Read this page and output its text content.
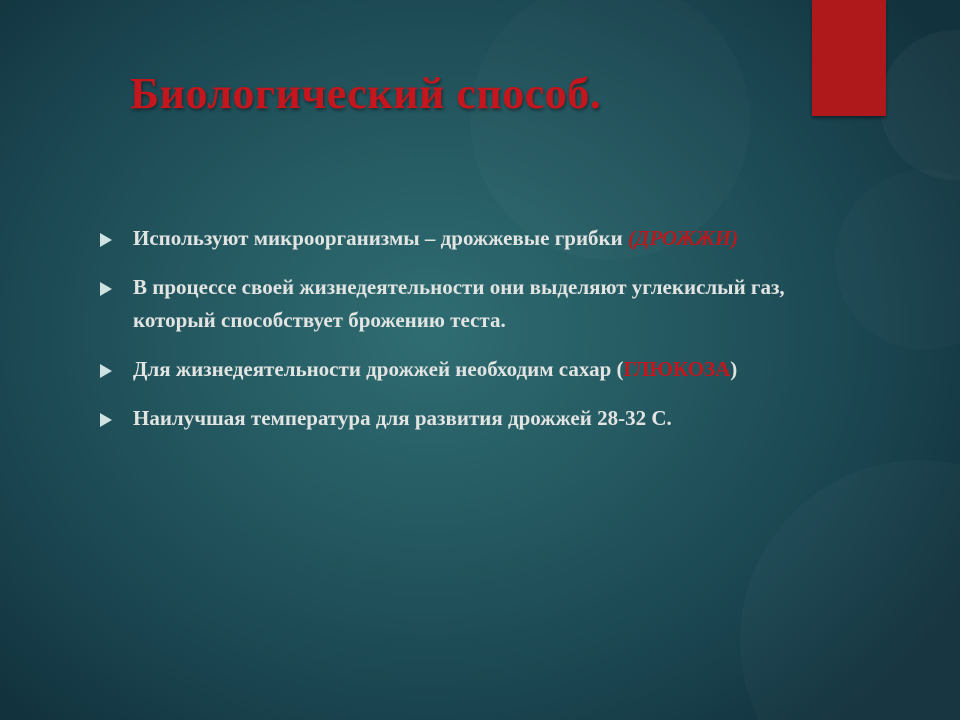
Биологический способ.
Используют микроорганизмы – дрожжевые грибки (ДРОЖЖИ)
В процессе своей жизнедеятельности они выделяют углекислый газ, который способствует брожению теста.
Для жизнедеятельности дрожжей необходим сахар (ГЛЮКОЗА)
Наилучшая температура для развития дрожжей 28-32 С.
